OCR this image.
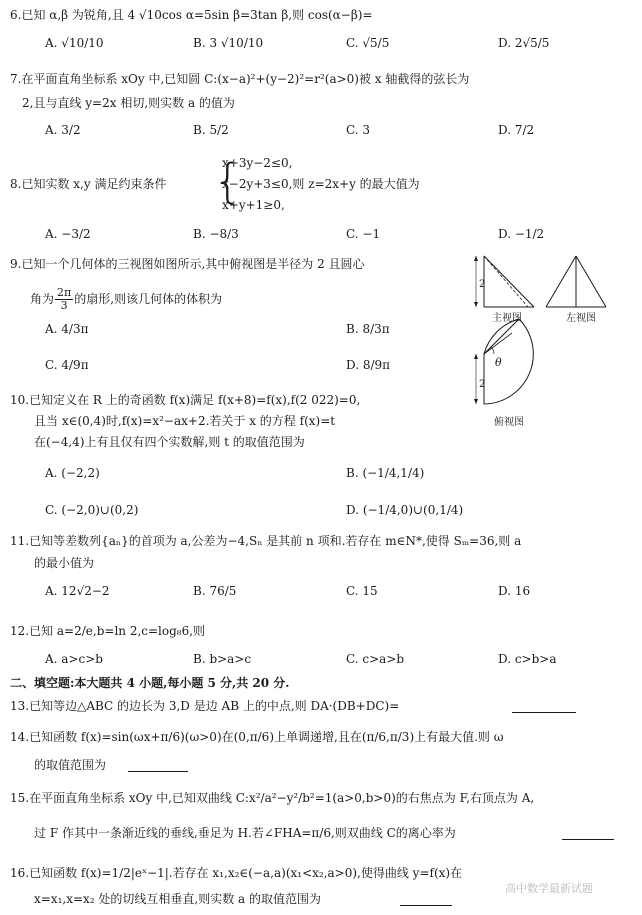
6.已知 α,β 为锐角,且 4 √10cos α=5sin β=3tan β,则 cos(α−β)=
A. √10/10	B. 3 √10/10	C. √5/5	D. 2√5/5
7.在平面直角坐标系 xOy 中,已知圆 C:(x−a)²+(y−2)²=r²(a>0)被 x 轴截得的弦长为
2,且与直线 y=2x 相切,则实数 a 的值为
A. 3/2	B. 5/2	C. 3	D. 7/2
8.已知实数 x,y 满足约束条件 {
x+3y−2≤0,
x−2y+3≤0,则 z=2x+y 的最大值为
x+y+1≥0,
A. −3/2	B. −8/3	C. −1	D. −1/2
9.已知一个几何体的三视图如图所示,其中俯视图是半径为 2 且圆心
角为 $\frac{2\pi}{3}$ 的扇形,则该几何体的体积为
A. 4/3π	B. 8/3π
C. 4/9π	D. 8/9π
2
2
θ
主视图	左视图
俯视图
10.已知定义在 R 上的奇函数 f(x)满足 f(x+8)=f(x),f(2 022)=0,
且当 x∈(0,4)时,f(x)=x²−ax+2.若关于 x 的方程 f(x)=t
在(−4,4)上有且仅有四个实数解,则 t 的取值范围为
A. (−2,2)	B. (−1/4,1/4)
C. (−2,0)∪(0,2)	D. (−1/4,0)∪(0,1/4)
11.已知等差数列{aₙ}的首项为 a,公差为−4,Sₙ 是其前 n 项和.若存在 m∈N*,使得 Sₘ=36,则 a
的最小值为
A. 12√2−2	B. 76/5	C. 15	D. 16
12.已知 a=2/e,b=ln 2,c=log₈6,则
A. a>c>b	B. b>a>c	C. c>a>b	D. c>b>a
二、填空题:本大题共 4 小题,每小题 5 分,共 20 分.
13.已知等边△ABC 的边长为 3,D 是边 AB 上的中点,则 DA·(DB+DC)=
14.已知函数 f(x)=sin(ωx+π/6)(ω>0)在(0,π/6)上单调递增,且在(π/6,π/3)上有最大值.则 ω
的取值范围为
15.在平面直角坐标系 xOy 中,已知双曲线 C:x²/a²−y²/b²=1(a>0,b>0)的右焦点为 F,右顶点为 A,
过 F 作其中一条渐近线的垂线,垂足为 H.若∠FHA=π/6,则双曲线 C的离心率为
16.已知函数 f(x)=1/2|eˣ−1|.若存在 x₁,x₂∈(−a,a)(x₁<x₂,a>0),使得曲线 y=f(x)在
x=x₁,x=x₂ 处的切线互相垂直,则实数 a 的取值范围为
高中数学最新试题
